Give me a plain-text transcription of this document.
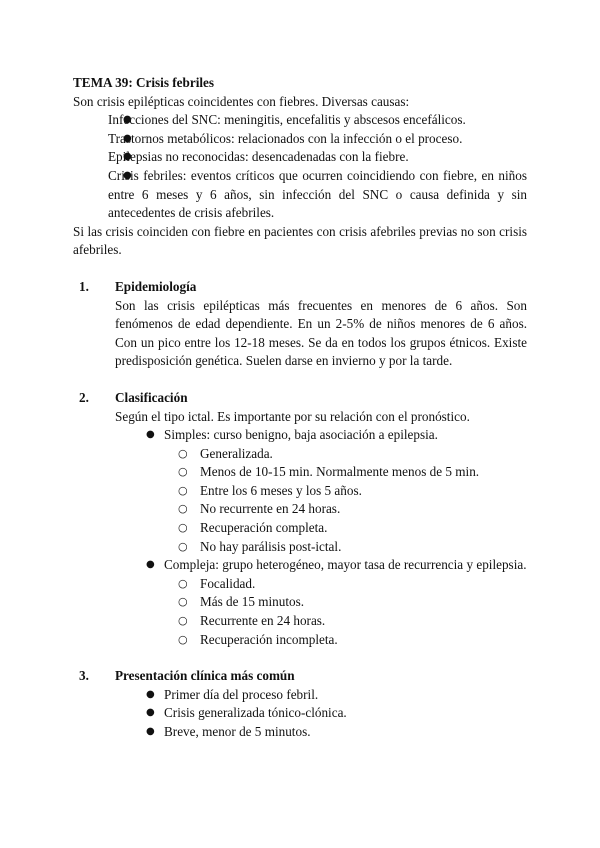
TEMA 39: Crisis febriles

Son crisis epilépticas coincidentes con fiebres. Diversas causas:

● Infecciones del SNC: meningitis, encefalitis y abscesos encefálicos.
● Trastornos metabólicos: relacionados con la infección o el proceso.
● Epilepsias no reconocidas: desencadenadas con la fiebre.
● Crisis febriles: eventos críticos que ocurren coincidiendo con fiebre, en niños entre 6 meses y 6 años, sin infección del SNC o causa definida y sin antecedentes de crisis afebriles.

Si las crisis coinciden con fiebre en pacientes con crisis afebriles previas no son crisis afebriles.

1.	Epidemiología

Son las crisis epilépticas más frecuentes en menores de 6 años. Son fenómenos de edad dependiente. En un 2-5% de niños menores de 6 años. Con un pico entre los 12-18 meses. Se da en todos los grupos étnicos. Existe predisposición genética. Suelen darse en invierno y por la tarde.

2.	Clasificación

Según el tipo ictal. Es importante por su relación con el pronóstico.

● Simples: curso benigno, baja asociación a epilepsia.
○ Generalizada.
○ Menos de 10-15 min. Normalmente menos de 5 min.
○ Entre los 6 meses y los 5 años.
○ No recurrente en 24 horas.
○ Recuperación completa.
○ No hay parálisis post-ictal.
● Compleja: grupo heterogéneo, mayor tasa de recurrencia y epilepsia.
○ Focalidad.
○ Más de 15 minutos.
○ Recurrente en 24 horas.
○ Recuperación incompleta.
3.	Presentación clínica más común
● Primer día del proceso febril.
● Crisis generalizada tónico-clónica.
● Breve, menor de 5 minutos.
